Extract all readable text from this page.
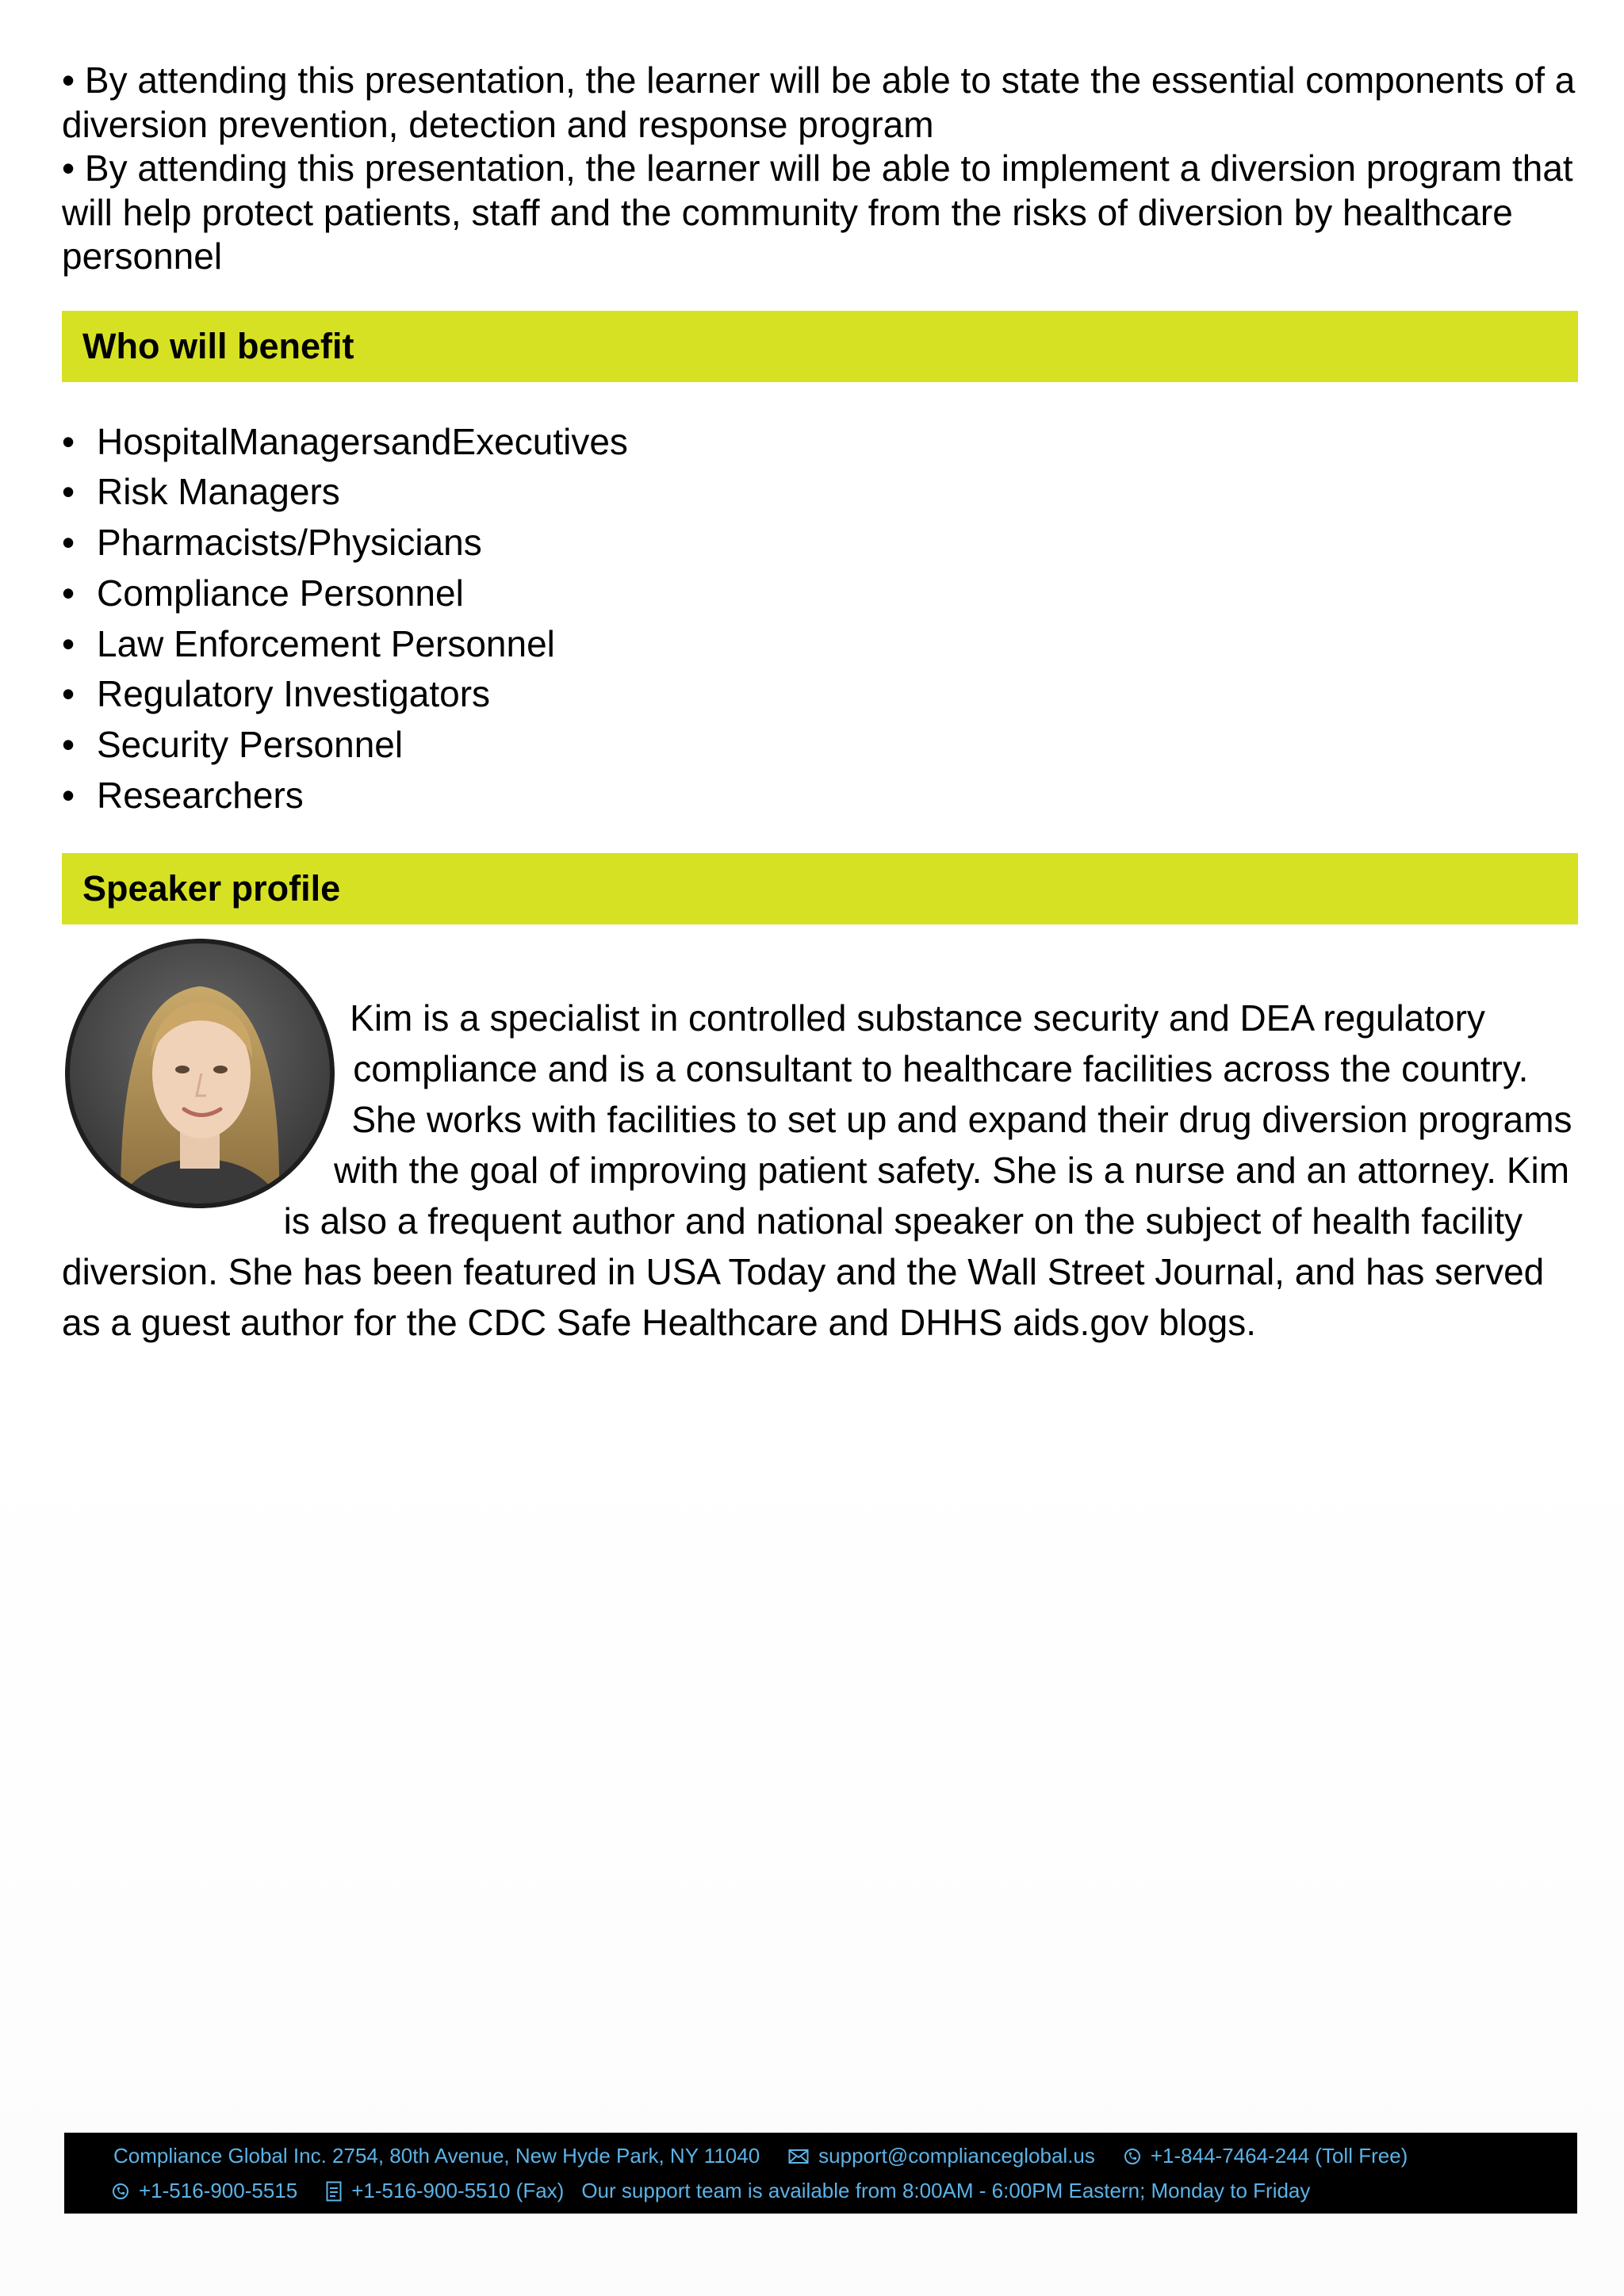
• By attending this presentation, the learner will be able to state the essential components of a diversion prevention, detection and response program

• By attending this presentation, the learner will be able to implement a diversion program that will help protect patients, staff and the community from the risks of diversion by healthcare personnel

Who will benefit
• HospitalManagersandExecutives
• Risk Managers
• Pharmacists/Physicians
• Compliance Personnel
• Law Enforcement Personnel
• Regulatory Investigators
• Security Personnel
• Researchers
Speaker profile

Kim is a specialist in controlled substance security and DEA regulatory compliance and is a consultant to healthcare facilities across the country. She works with facilities to set up and expand their drug diversion programs with the goal of improving patient safety. She is a nurse and an attorney. Kim is also a frequent author and national speaker on the subject of health facility diversion. She has been featured in USA Today and the Wall Street Journal, and has served as a guest author for the CDC Safe Healthcare and DHHS aids.gov blogs.

Compliance Global Inc. 2754, 80th Avenue, New Hyde Park, NY 11040	support@complianceglobal.us	+1-844-7464-244 (Toll Free)
+1-516-900-5515	+1-516-900-5510 (Fax) Our support team is available from 8:00AM - 6:00PM Eastern; Monday to Friday
